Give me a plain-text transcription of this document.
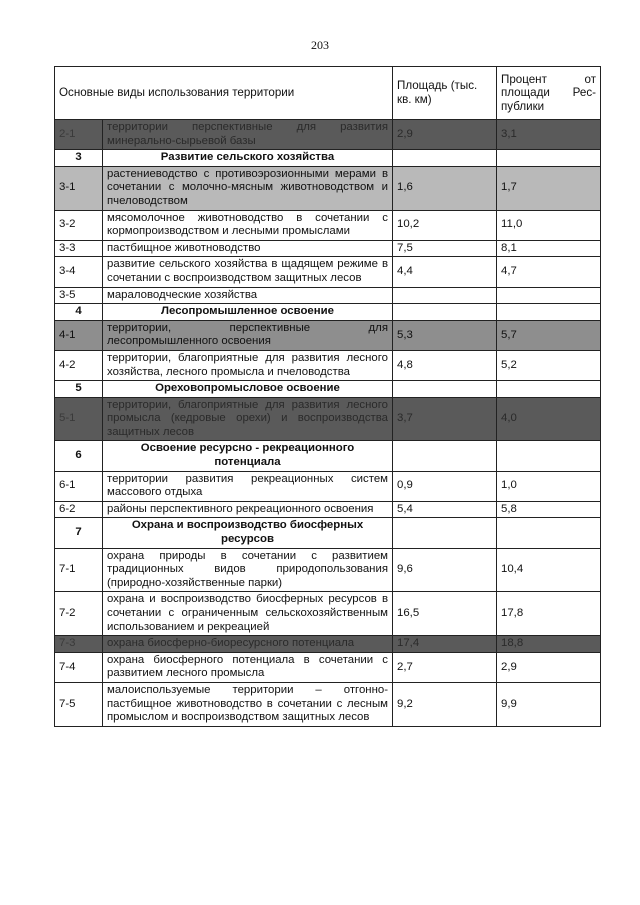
203
Основные виды использования территории		Площадь (тыс. кв. км)	Процент от площади Рес-публики
2-1	территории перспективные для развития минерально-сырьевой базы	2,9	3,1
3	Развитие сельского хозяйства		
3-1	растениеводство с противоэрозионными мерами в сочетании с молочно-мясным животноводством и пчеловодством	1,6	1,7
3-2	мясомолочное животноводство в сочетании с кормопроизводством и лесными промыслами	10,2	11,0
3-3	пастбищное животноводство	7,5	8,1
3-4	развитие сельского хозяйства в щадящем режиме в сочетании с воспроизводством защитных лесов	4,4	4,7
3-5	мараловодческие хозяйства		
4	Лесопромышленное освоение		
4-1	территории, перспективные для лесопромышленного освоения	5,3	5,7
4-2	территории, благоприятные для развития лесного хозяйства, лесного промысла и пчеловодства	4,8	5,2
5	Ореховопромысловое освоение		
5-1	территории, благоприятные для развития лесного промысла (кедровые орехи) и воспроизводства защитных лесов	3,7	4,0
6	Освоение ресурсно - рекреационного потенциала		
6-1	территории развития рекреационных систем массового отдыха	0,9	1,0
6-2	районы перспективного рекреационного освоения	5,4	5,8
7	Охрана и воспроизводство биосферных ресурсов		
7-1	охрана природы в сочетании с развитием традиционных видов природопользования (природно-хозяйственные парки)	9,6	10,4
7-2	охрана и воспроизводство биосферных ресурсов в сочетании с ограниченным сельскохозяйственным использованием и рекреацией	16,5	17,8
7-3	охрана биосферно-биоресурсного потенциала	17,4	18,8
7-4	охрана биосферного потенциала в сочетании с развитием лесного промысла	2,7	2,9
7-5	малоиспользуемые территории – отгонно-пастбищное животноводство в сочетании с лесным промыслом и воспроизводством защитных лесов	9,2	9,9
